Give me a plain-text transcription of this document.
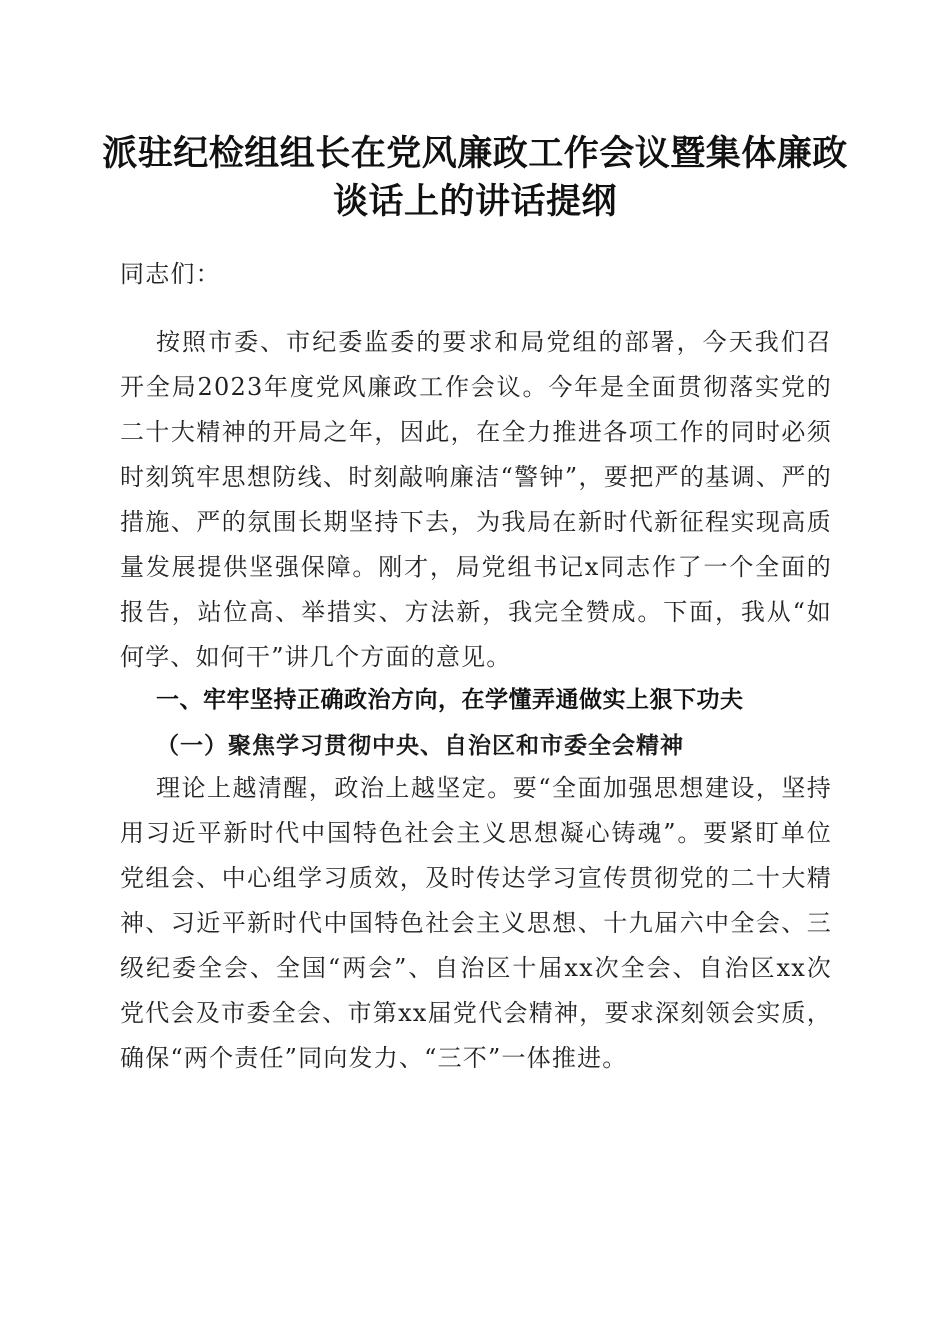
派驻纪检组组长在党风廉政工作会议暨集体廉政谈话上的讲话提纲
同志们：
按照市委、市纪委监委的要求和局党组的部署，今天我们召开全局2023年度党风廉政工作会议。今年是全面贯彻落实党的二十大精神的开局之年，因此，在全力推进各项工作的同时必须时刻筑牢思想防线、时刻敲响廉洁“警钟”，要把严的基调、严的措施、严的氛围长期坚持下去，为我局在新时代新征程实现高质量发展提供坚强保障。刚才，局党组书记x同志作了一个全面的报告，站位高、举措实、方法新，我完全赞成。下面，我从“如何学、如何干”讲几个方面的意见。
一、牢牢坚持正确政治方向，在学懂弄通做实上狠下功夫
（一）聚焦学习贯彻中央、自治区和市委全会精神
理论上越清醒，政治上越坚定。要“全面加强思想建设，坚持用习近平新时代中国特色社会主义思想凝心铸魂”。要紧盯单位党组会、中心组学习质效，及时传达学习宣传贯彻党的二十大精神、习近平新时代中国特色社会主义思想、十九届六中全会、三级纪委全会、全国“两会”、自治区十届xx次全会、自治区xx次党代会及市委全会、市第xx届党代会精神，要求深刻领会实质，确保“两个责任”同向发力、“三不”一体推进。
